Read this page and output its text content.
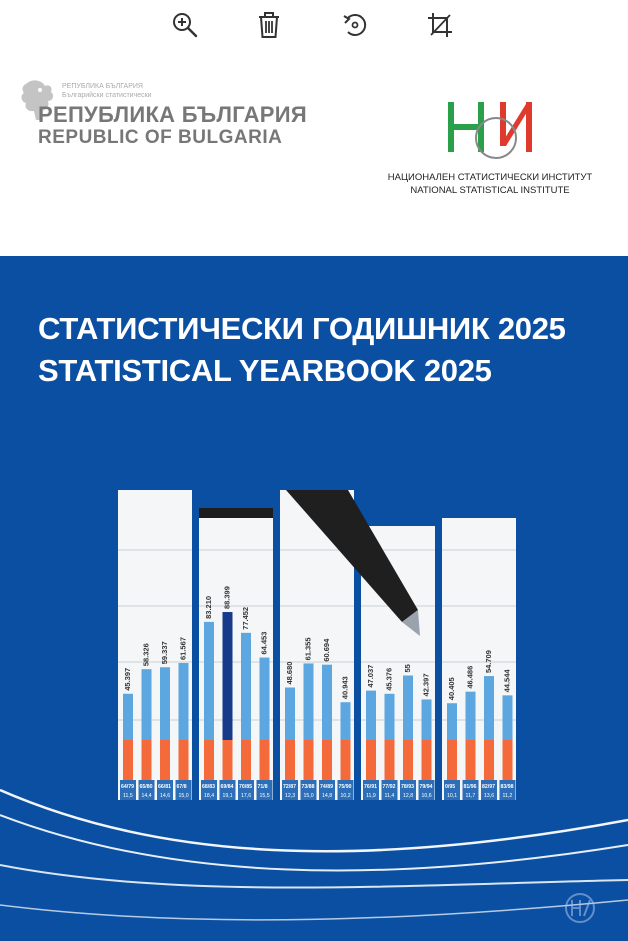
РЕПУБЛИКА БЪЛГАРИЯ
Българийски статистически
РЕПУБЛИКА БЪЛГАРИЯ
REPUBLIC OF BULGARIA
НАЦИОНАЛЕН СТАТИСТИЧЕСКИ ИНСТИТУТ
NATIONAL STATISTICAL INSTITUTE
СТАТИСТИЧЕСКИ ГОДИШНИК 2025
STATISTICAL YEARBOOK 2025
45.397
64/79
11,5
58.326
65/80
14,4
59.337
66/81
14,6
61.567
67/8
15,0
83.210
68/83
18,4
88.399
69/84
19,1
77.452
70/85
17,6
64.453
71/8
15,5
48.680
72/87
12,3
61.355
73/88
15,0
60.694
74/89
14,8
40.943
75/90
10,2
47.037
76/91
11,9
45.376
77/92
11,4
55
78/93
12,8
42.397
79/94
10,6
40.405
0/95
10,1
46.486
81/96
11,7
54.709
82/97
13,6
44.544
83/98
11,2
